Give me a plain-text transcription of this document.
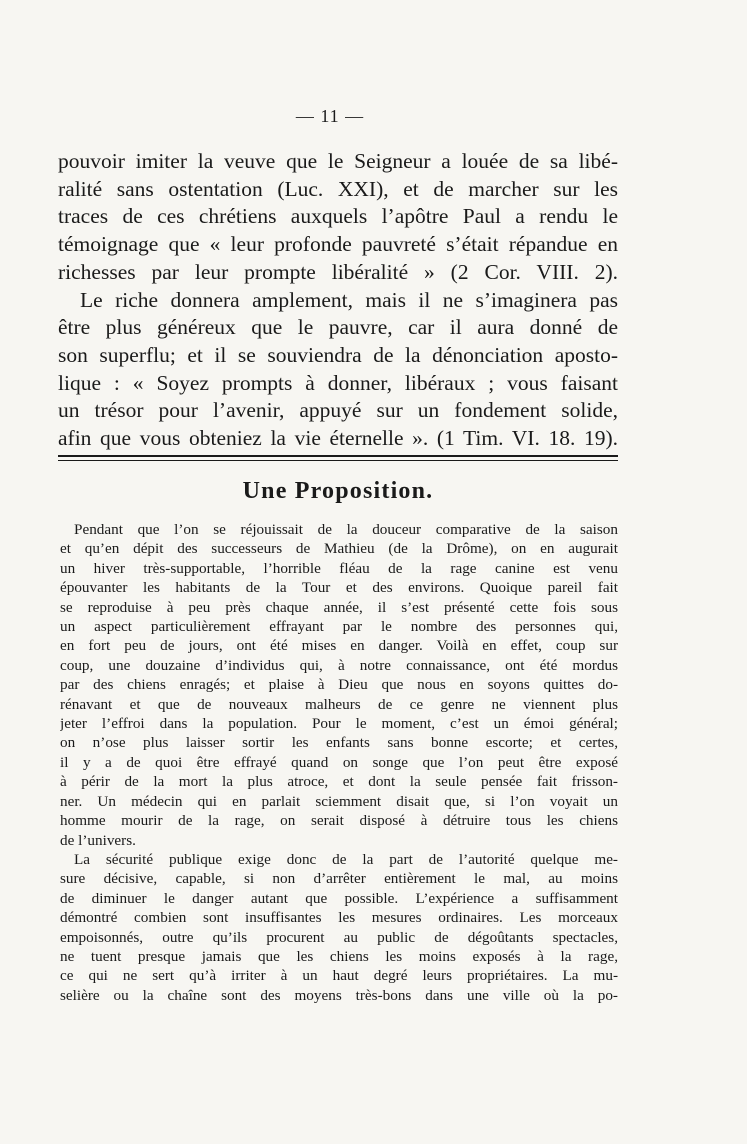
— 11 —
pouvoir imiter la veuve que le Seigneur a louée de sa libé-
ralité sans ostentation (Luc. XXI), et de marcher sur les
traces de ces chrétiens auxquels l’apôtre Paul a rendu le
témoignage que « leur profonde pauvreté s’était répandue en
richesses par leur prompte libéralité » (2 Cor. VIII. 2).
Le riche donnera amplement, mais il ne s’imaginera pas
être plus généreux que le pauvre, car il aura donné de
son superflu; et il se souviendra de la dénonciation aposto-
lique : « Soyez prompts à donner, libéraux ; vous faisant
un trésor pour l’avenir, appuyé sur un fondement solide,
afin que vous obteniez la vie éternelle ». (1 Tim. VI. 18. 19).
Une Proposition.
Pendant que l’on se réjouissait de la douceur comparative de la saison
et qu’en dépit des successeurs de Mathieu (de la Drôme), on en augurait
un hiver très-supportable, l’horrible fléau de la rage canine est venu
épouvanter les habitants de la Tour et des environs. Quoique pareil fait
se reproduise à peu près chaque année, il s’est présenté cette fois sous
un aspect particulièrement effrayant par le nombre des personnes qui,
en fort peu de jours, ont été mises en danger. Voilà en effet, coup sur
coup, une douzaine d’individus qui, à notre connaissance, ont été mordus
par des chiens enragés; et plaise à Dieu que nous en soyons quittes do-
rénavant et que de nouveaux malheurs de ce genre ne viennent plus
jeter l’effroi dans la population. Pour le moment, c’est un émoi général;
on n’ose plus laisser sortir les enfants sans bonne escorte; et certes,
il y a de quoi être effrayé quand on songe que l’on peut être exposé
à périr de la mort la plus atroce, et dont la seule pensée fait frisson-
ner. Un médecin qui en parlait sciemment disait que, si l’on voyait un
homme mourir de la rage, on serait disposé à détruire tous les chiens
de l’univers.
La sécurité publique exige donc de la part de l’autorité quelque me-
sure décisive, capable, si non d’arrêter entièrement le mal, au moins
de diminuer le danger autant que possible. L’expérience a suffisamment
démontré combien sont insuffisantes les mesures ordinaires. Les morceaux
empoisonnés, outre qu’ils procurent au public de dégoûtants spectacles,
ne tuent presque jamais que les chiens les moins exposés à la rage,
ce qui ne sert qu’à irriter à un haut degré leurs propriétaires. La mu-
selière ou la chaîne sont des moyens très-bons dans une ville où la po-
